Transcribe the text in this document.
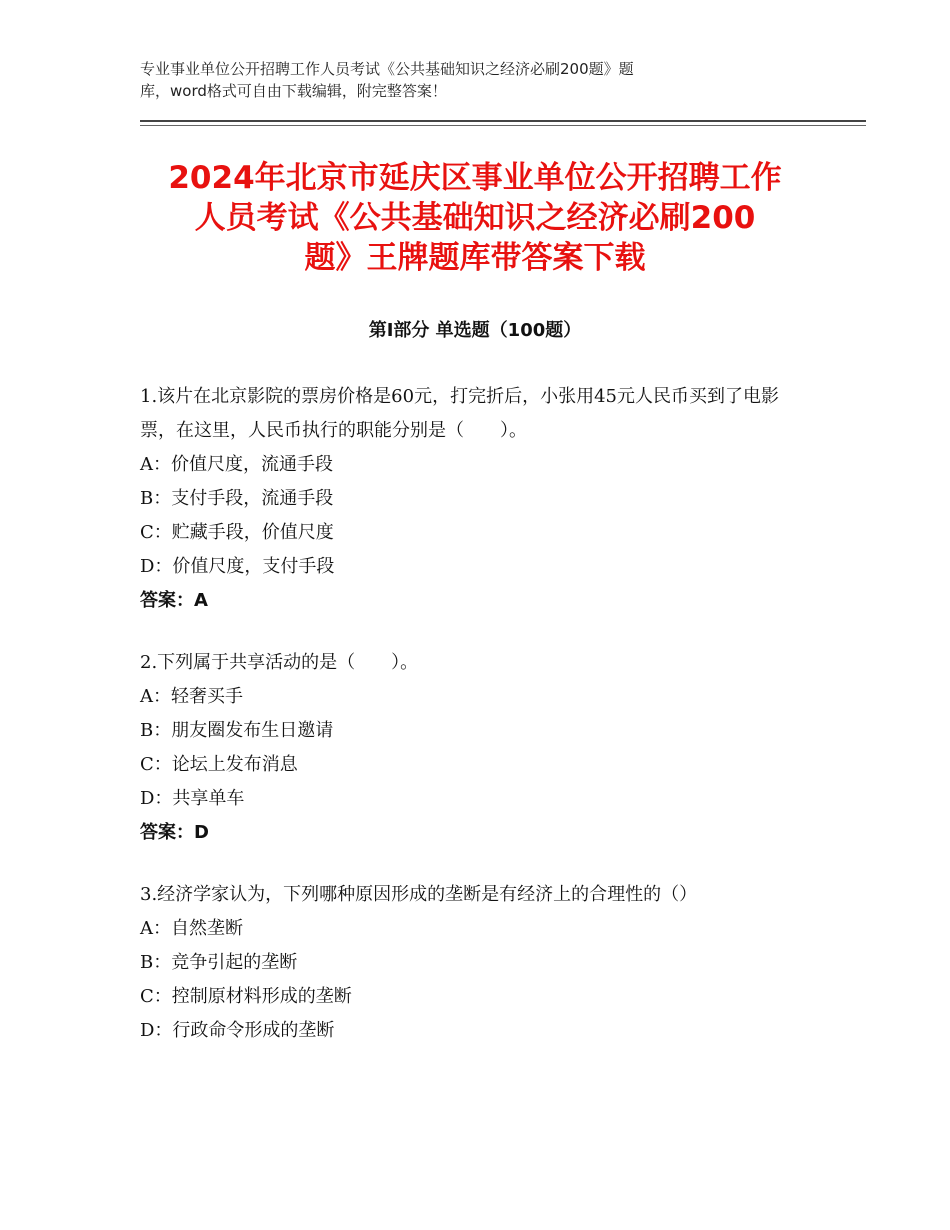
专业事业单位公开招聘工作人员考试《公共基础知识之经济必刷200题》题
库，word格式可自由下载编辑，附完整答案！
2024年北京市延庆区事业单位公开招聘工作
人员考试《公共基础知识之经济必刷200
题》王牌题库带答案下载
第Ⅰ部分 单选题（100题）
1.该片在北京影院的票房价格是60元，打完折后，小张用45元人民币买到了电影票，在这里，人民币执行的职能分别是（　　）。
A：价值尺度，流通手段
B：支付手段，流通手段
C：贮藏手段，价值尺度
D：价值尺度，支付手段
答案：A
2.下列属于共享活动的是（　　）。
A：轻奢买手
B：朋友圈发布生日邀请
C：论坛上发布消息
D：共享单车
答案：D
3.经济学家认为，下列哪种原因形成的垄断是有经济上的合理性的（）
A：自然垄断
B：竞争引起的垄断
C：控制原材料形成的垄断
D：行政命令形成的垄断
